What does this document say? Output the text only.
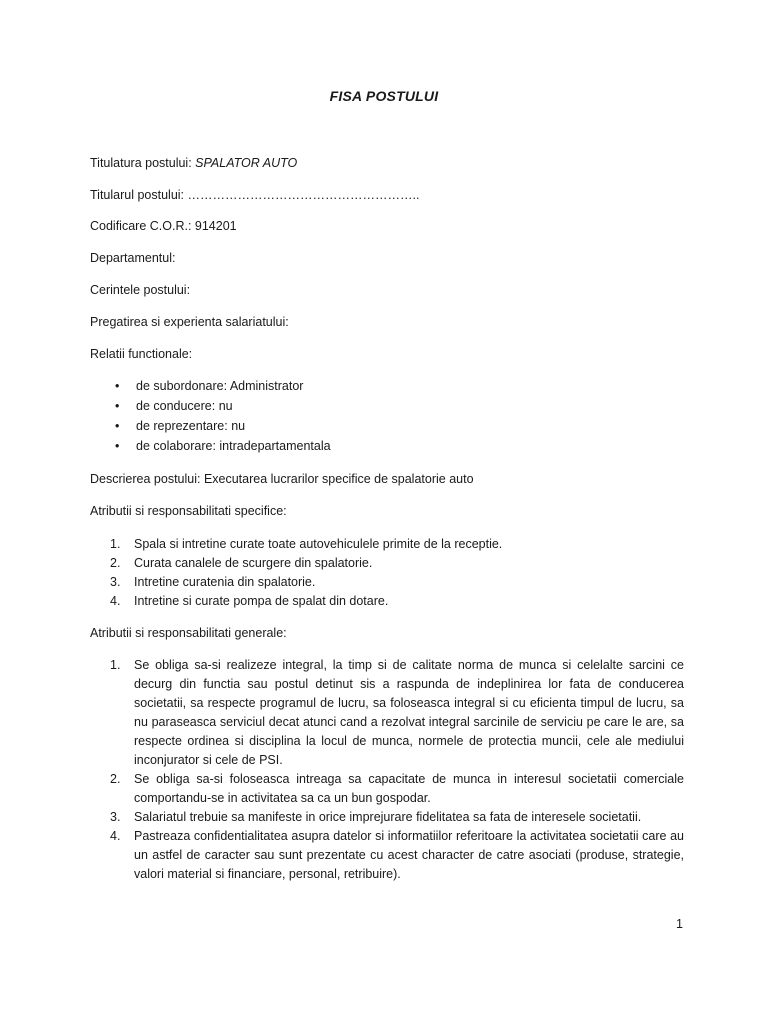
FISA POSTULUI
Titulatura postului: SPALATOR AUTO
Titularul postului: ………………………………………………..
Codificare C.O.R.: 914201
Departamentul:
Cerintele postului:
Pregatirea si experienta salariatului:
Relatii functionale:
• de subordonare: Administrator
• de conducere: nu
• de reprezentare: nu
• de colaborare: intradepartamentala
Descrierea postului: Executarea lucrarilor specifice de spalatorie auto
Atributii si responsabilitati specifice:
1. Spala si intretine curate toate autovehiculele primite de la receptie.
2. Curata canalele de scurgere din spalatorie.
3. Intretine curatenia din spalatorie.
4. Intretine si curate pompa de spalat din dotare.
Atributii si responsabilitati generale:
1. Se obliga sa-si realizeze integral, la timp si de calitate norma de munca si celelalte sarcini ce decurg din functia sau postul detinut sis a raspunda de indeplinirea lor fata de conducerea societatii, sa respecte programul de lucru, sa foloseasca integral si cu eficienta timpul de lucru, sa nu paraseasca serviciul decat atunci cand a rezolvat integral sarcinile de serviciu pe care le are, sa respecte ordinea si disciplina la locul de munca, normele de protectia muncii, cele ale mediului inconjurator si cele de PSI.
2. Se obliga sa-si foloseasca intreaga sa capacitate de munca in interesul societatii comerciale comportandu-se in activitatea sa ca un bun gospodar.
3. Salariatul trebuie sa manifeste in orice imprejurare fidelitatea sa fata de interesele societatii.
4. Pastreaza confidentialitatea asupra datelor si informatiilor referitoare la activitatea societatii care au un astfel de caracter sau sunt prezentate cu acest character de catre asociati (produse, strategie, valori material si financiare, personal, retribuire).
1
